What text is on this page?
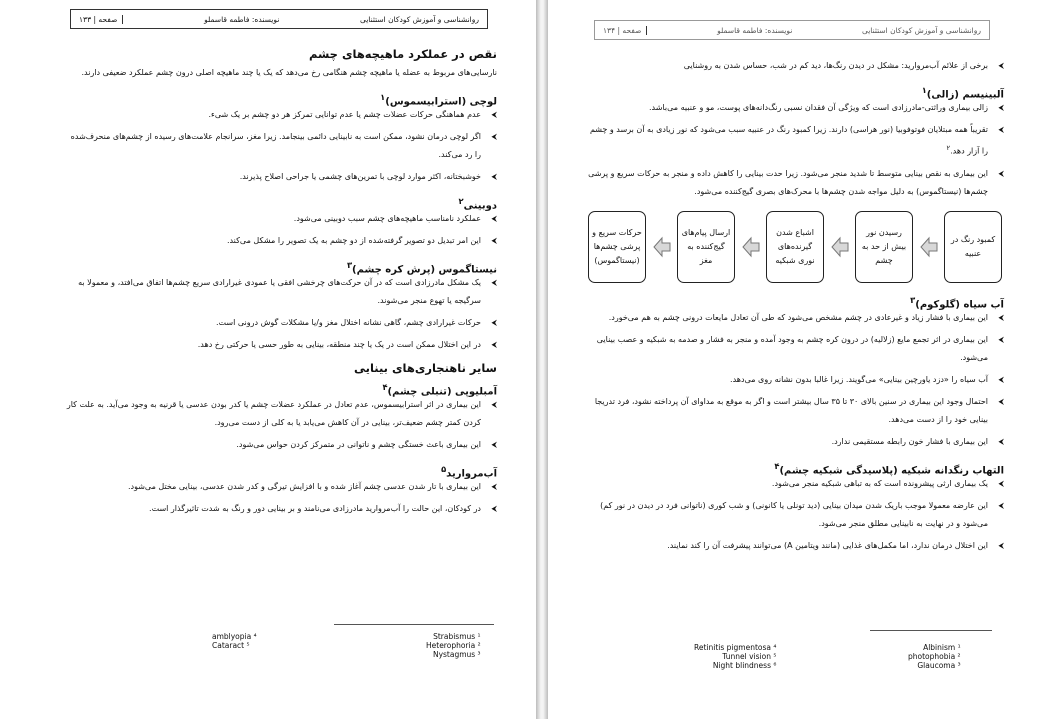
روانشناسی و آموزش کودکان استثنایی
نویسنده: فاطمه قاسملو
صفحه | ۱۳۳
نقص در عملکرد ماهیچه‌های چشم

نارسایی‌های مربوط به عضله یا ماهیچه چشم هنگامی رخ می‌دهد که یک یا چند ماهیچه اصلی درون چشم عملکرد ضعیفی دارند.

لوچی (استرابیسموس)$^۱$

⮜
عدم هماهنگی حرکات عضلات چشم یا عدم توانایی تمرکز هر دو چشم بر یک شیء.

⮜
اگر لوچی درمان نشود، ممکن است به نابینایی دائمی بینجامد. زیرا مغز، سرانجام علامت‌های رسیده از چشم‌های منحرف‌شده را رد می‌کند.

⮜
خوشبختانه، اکثر موارد لوچی با تمرین‌های چشمی یا جراحی اصلاح پذیرند.

دوبینی$^۲$

⮜
عملکرد نامناسب ماهیچه‌های چشم سبب دوبینی می‌شود.

⮜
این امر تبدیل دو تصویر گرفته‌شده از دو چشم به یک تصویر را مشکل می‌کند.

نیستاگموس (پرش کره چشم)$^۳$

⮜
یک مشکل مادرزادی است که در آن حرکت‌های چرخشی افقی یا عمودی غیرارادی سریع چشم‌ها اتفاق می‌افتد، و معمولا به سرگیجه یا تهوع منجر می‌شوند.

⮜
حرکات غیرارادی چشم، گاهی نشانه اختلال مغز و/یا مشکلات گوش درونی است.

⮜
در این اختلال ممکن است در یک یا چند منطقه، بینایی به طور حسی یا حرکتی رخ دهد.

سایر ناهنجاری‌های بینایی
آمبلیوپی (تنبلی چشم)$^۴$

⮜
این بیماری در اثر استرابیسموس، عدم تعادل در عملکرد عضلات چشم یا کدر بودن عدسی یا قرنیه به وجود می‌آید. به علت کار کردن کمتر چشم ضعیف‌تر، بینایی در آن کاهش می‌یابد یا به کلی از دست می‌رود.

⮜
این بیماری باعث خستگی چشم و ناتوانی در متمرکز کردن حواس می‌شود.

آب‌مروارید$^۵$

⮜
این بیماری با تار شدن عدسی چشم آغاز شده و با افزایش تیرگی و کدر شدن عدسی، بینایی مختل می‌شود.

⮜
در کودکان، این حالت را آب‌مروارید مادرزادی می‌نامند و بر بینایی دور و رنگ به شدت تاثیرگذار است.

Strabismus ¹
Heterophoria ²
Nystagmus ³
amblyopia ⁴
Cataract ⁵
روانشناسی و آموزش کودکان استثنایی
نویسنده: فاطمه قاسملو
صفحه | ۱۳۴

⮜
برخی از علائم آب‌مروارید: مشکل در دیدن رنگ‌ها، دید کم در شب، حساس شدن به روشنایی

آلبینیسم (زالی)$^۱$

⮜
زالی بیماری وراثتی-مادرزادی است که ویژگی آن فقدان نسبی رنگ‌دانه‌های پوست، مو و عنبیه می‌باشد.

⮜
تقریباً همه مبتلایان فوتوفوبیا (نور هراسی) دارند. زیرا کمبود رنگ در عنبیه سبب می‌شود که نور زیادی به آن برسد و چشم را آزار دهد.$^۲$

⮜
این بیماری به نقص بینایی متوسط تا شدید منجر می‌شود. زیرا حدت بینایی را کاهش داده و منجر به حرکات سریع و پرشی چشم‌ها (نیستاگموس) به دلیل مواجه شدن چشم‌ها با محرک‌های بصری گیج‌کننده می‌شود.

کمبود رنگ در عنبیه
رسیدن نور بیش از حد به چشم
اشباع شدن گیرنده‌های نوری شبکیه
ارسال پیام‌های گیج‌کننده به مغز
حرکات سریع و پرشی چشم‌ها (نیستاگموس)
آب سیاه (گلوکوم)$^۳$

⮜
این بیماری با فشار زیاد و غیرعادی در چشم مشخص می‌شود که طی آن تعادل مایعات درونی چشم به هم می‌خورد.

⮜
این بیماری در اثر تجمع مایع (زلالیه) در درون کره چشم به وجود آمده و منجر به فشار و صدمه به شبکیه و عصب بینایی می‌شود.

⮜
آب سیاه را «دزد یاورچین بینایی» می‌گویند. زیرا غالبا بدون نشانه روی می‌دهد.

⮜
احتمال وجود این بیماری در سنین بالای ۳۰ تا ۳۵ سال بیشتر است و اگر به موقع به مداوای آن پرداخته نشود، فرد تدریجا بینایی خود را از دست می‌دهد.

⮜
این بیماری با فشار خون رابطه مستقیمی ندارد.

التهاب رنگدانه شبکیه (پلاسیدگی شبکیه چشم)$^۴$

⮜
یک بیماری ارثی پیشرونده است که به تباهی شبکیه منجر می‌شود.

⮜
این عارضه معمولا موجب باریک شدن میدان بینایی (دید تونلی یا کانونی) و شب کوری (ناتوانی فرد در دیدن در نور کم) می‌شود و در نهایت به نابینایی مطلق منجر می‌شود.

⮜
این اختلال درمان ندارد، اما مکمل‌های غذایی (مانند ویتامین A) می‌توانند پیشرفت آن را کند نمایند.

Albinism ¹
photophobia ²
Glaucoma ³
Retinitis pigmentosa ⁴
Tunnel vision ⁵
Night blindness ⁶
